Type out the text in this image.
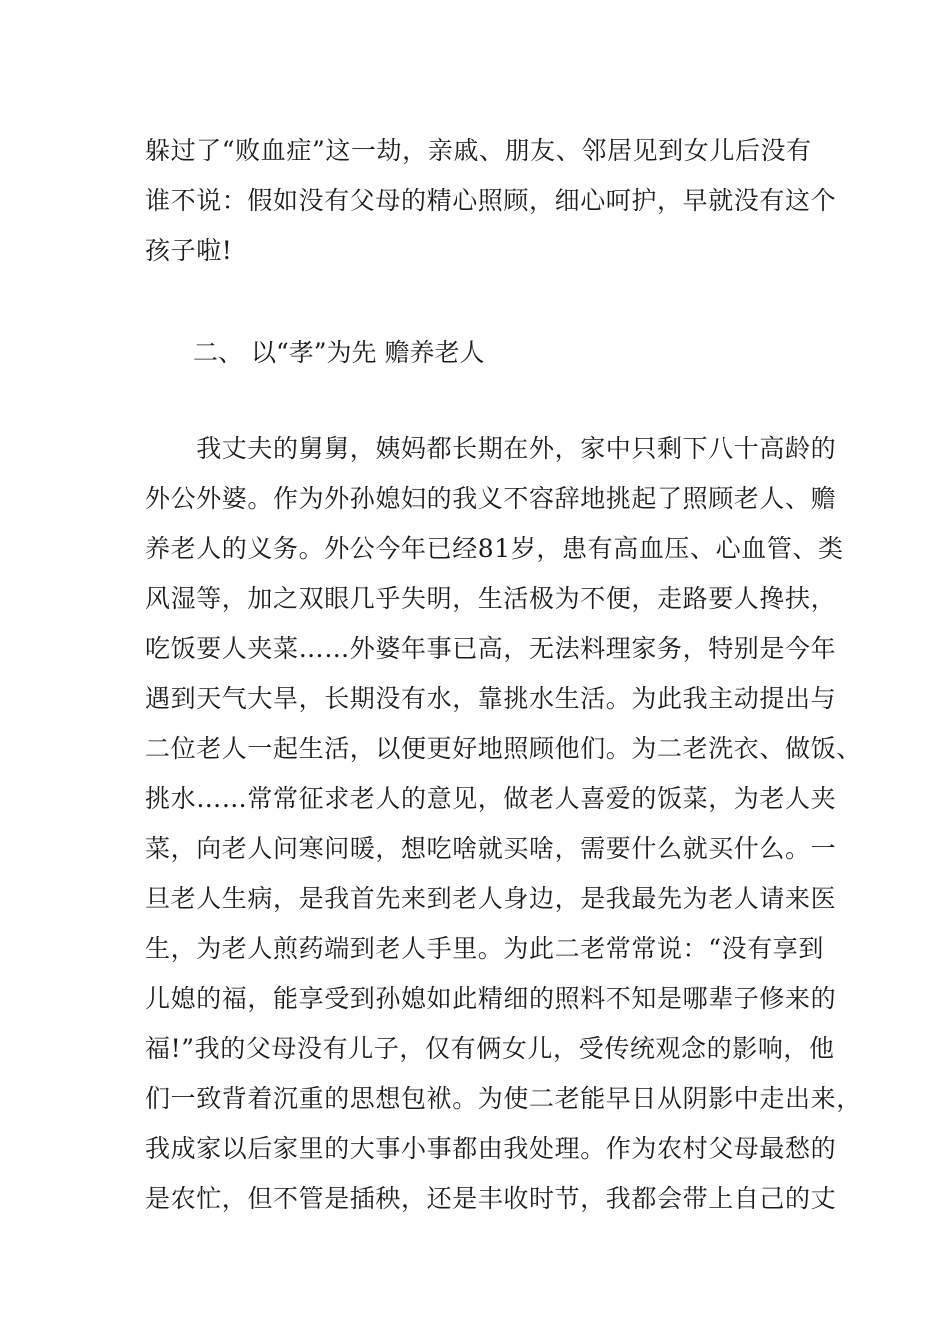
躲过了“败血症”这一劫，亲戚、朋友、邻居见到女儿后没有
谁不说：假如没有父母的精心照顾，细心呵护，早就没有这个
孩子啦!
二、 以“孝”为先 赡养老人
　　我丈夫的舅舅，姨妈都长期在外，家中只剩下八十高龄的
外公外婆。作为外孙媳妇的我义不容辞地挑起了照顾老人、赡
养老人的义务。外公今年已经81岁，患有高血压、心血管、类
风湿等，加之双眼几乎失明，生活极为不便，走路要人搀扶，
吃饭要人夹菜……外婆年事已高，无法料理家务，特别是今年
遇到天气大旱，长期没有水，靠挑水生活。为此我主动提出与
二位老人一起生活，以便更好地照顾他们。为二老洗衣、做饭、
挑水……常常征求老人的意见，做老人喜爱的饭菜，为老人夹
菜，向老人问寒问暖，想吃啥就买啥，需要什么就买什么。一
旦老人生病，是我首先来到老人身边，是我最先为老人请来医
生，为老人煎药端到老人手里。为此二老常常说：“没有享到
儿媳的福，能享受到孙媳如此精细的照料不知是哪辈子修来的
福!”我的父母没有儿子，仅有俩女儿，受传统观念的影响，他
们一致背着沉重的思想包袱。为使二老能早日从阴影中走出来，
我成家以后家里的大事小事都由我处理。作为农村父母最愁的
是农忙，但不管是插秧，还是丰收时节，我都会带上自己的丈
